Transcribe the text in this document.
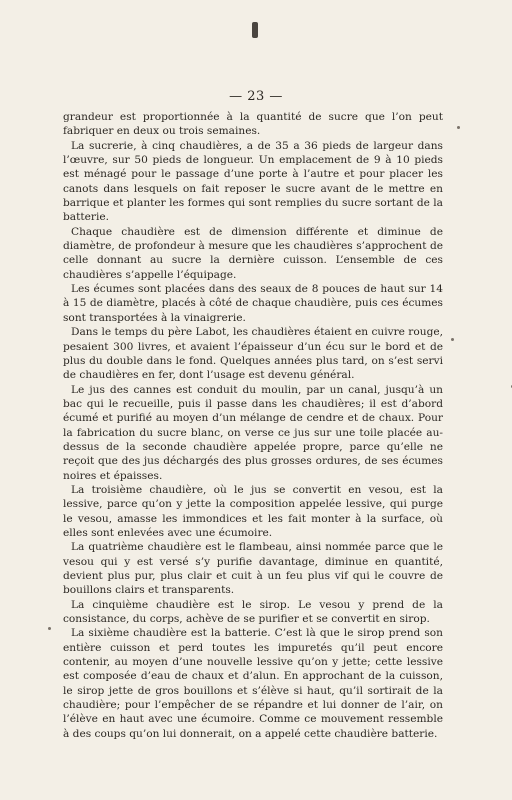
— 23 —

grandeur est proportionnée à la quantité de sucre que l’on peut fabriquer en deux ou trois semaines.

La sucrerie, à cinq chaudières, a de 35 a 36 pieds de largeur dans l’œuvre, sur 50 pieds de longueur. Un emplacement de 9 à 10 pieds est ménagé pour le passage d’une porte à l’autre et pour placer les canots dans lesquels on fait reposer le sucre avant de le mettre en barrique et planter les formes qui sont remplies du sucre sortant de la batterie.

Chaque chaudière est de dimension différente et diminue de diamètre, de profondeur à mesure que les chaudières s’approchent de celle donnant au sucre la dernière cuisson. L’ensemble de ces chaudières s’appelle l’équipage.

Les écumes sont placées dans des seaux de 8 pouces de haut sur 14 à 15 de diamètre, placés à côté de chaque chaudière, puis ces écumes sont transportées à la vinaigrerie.

Dans le temps du père Labot, les chaudières étaient en cuivre rouge, pesaient 300 livres, et avaient l’épaisseur d’un écu sur le bord et de plus du double dans le fond. Quelques années plus tard, on s’est servi de chaudières en fer, dont l’usage est devenu général.

Le jus des cannes est conduit du moulin, par un canal, jusqu’à un bac qui le recueille, puis il passe dans les chaudières; il est d’abord écumé et purifié au moyen d’un mélange de cendre et de chaux. Pour la fabrication du sucre blanc, on verse ce jus sur une toile placée au-dessus de la seconde chaudière appelée propre, parce qu’elle ne reçoit que des jus déchargés des plus grosses ordures, de ses écumes noires et épaisses.

La troisième chaudière, où le jus se convertit en vesou, est la lessive, parce qu’on y jette la composition appelée lessive, qui purge le vesou, amasse les immondices et les fait monter à la surface, où elles sont enlevées avec une écumoire.

La quatrième chaudière est le flambeau, ainsi nommée parce que le vesou qui y est versé s’y purifie davantage, diminue en quantité, devient plus pur, plus clair et cuit à un feu plus vif qui le couvre de bouillons clairs et transparents.

La cinquième chaudière est le sirop. Le vesou y prend de la consistance, du corps, achève de se purifier et se convertit en sirop.

La sixième chaudière est la batterie. C’est là que le sirop prend son entière cuisson et perd toutes les impuretés qu’il peut encore contenir, au moyen d’une nouvelle lessive qu’on y jette; cette lessive est composée d’eau de chaux et d’alun. En approchant de la cuisson, le sirop jette de gros bouillons et s’élève si haut, qu’il sortirait de la chaudière; pour l’empêcher de se répandre et lui donner de l’air, on l’élève en haut avec une écumoire. Comme ce mouvement ressemble à des coups qu’on lui donnerait, on a appelé cette chaudière batterie.
